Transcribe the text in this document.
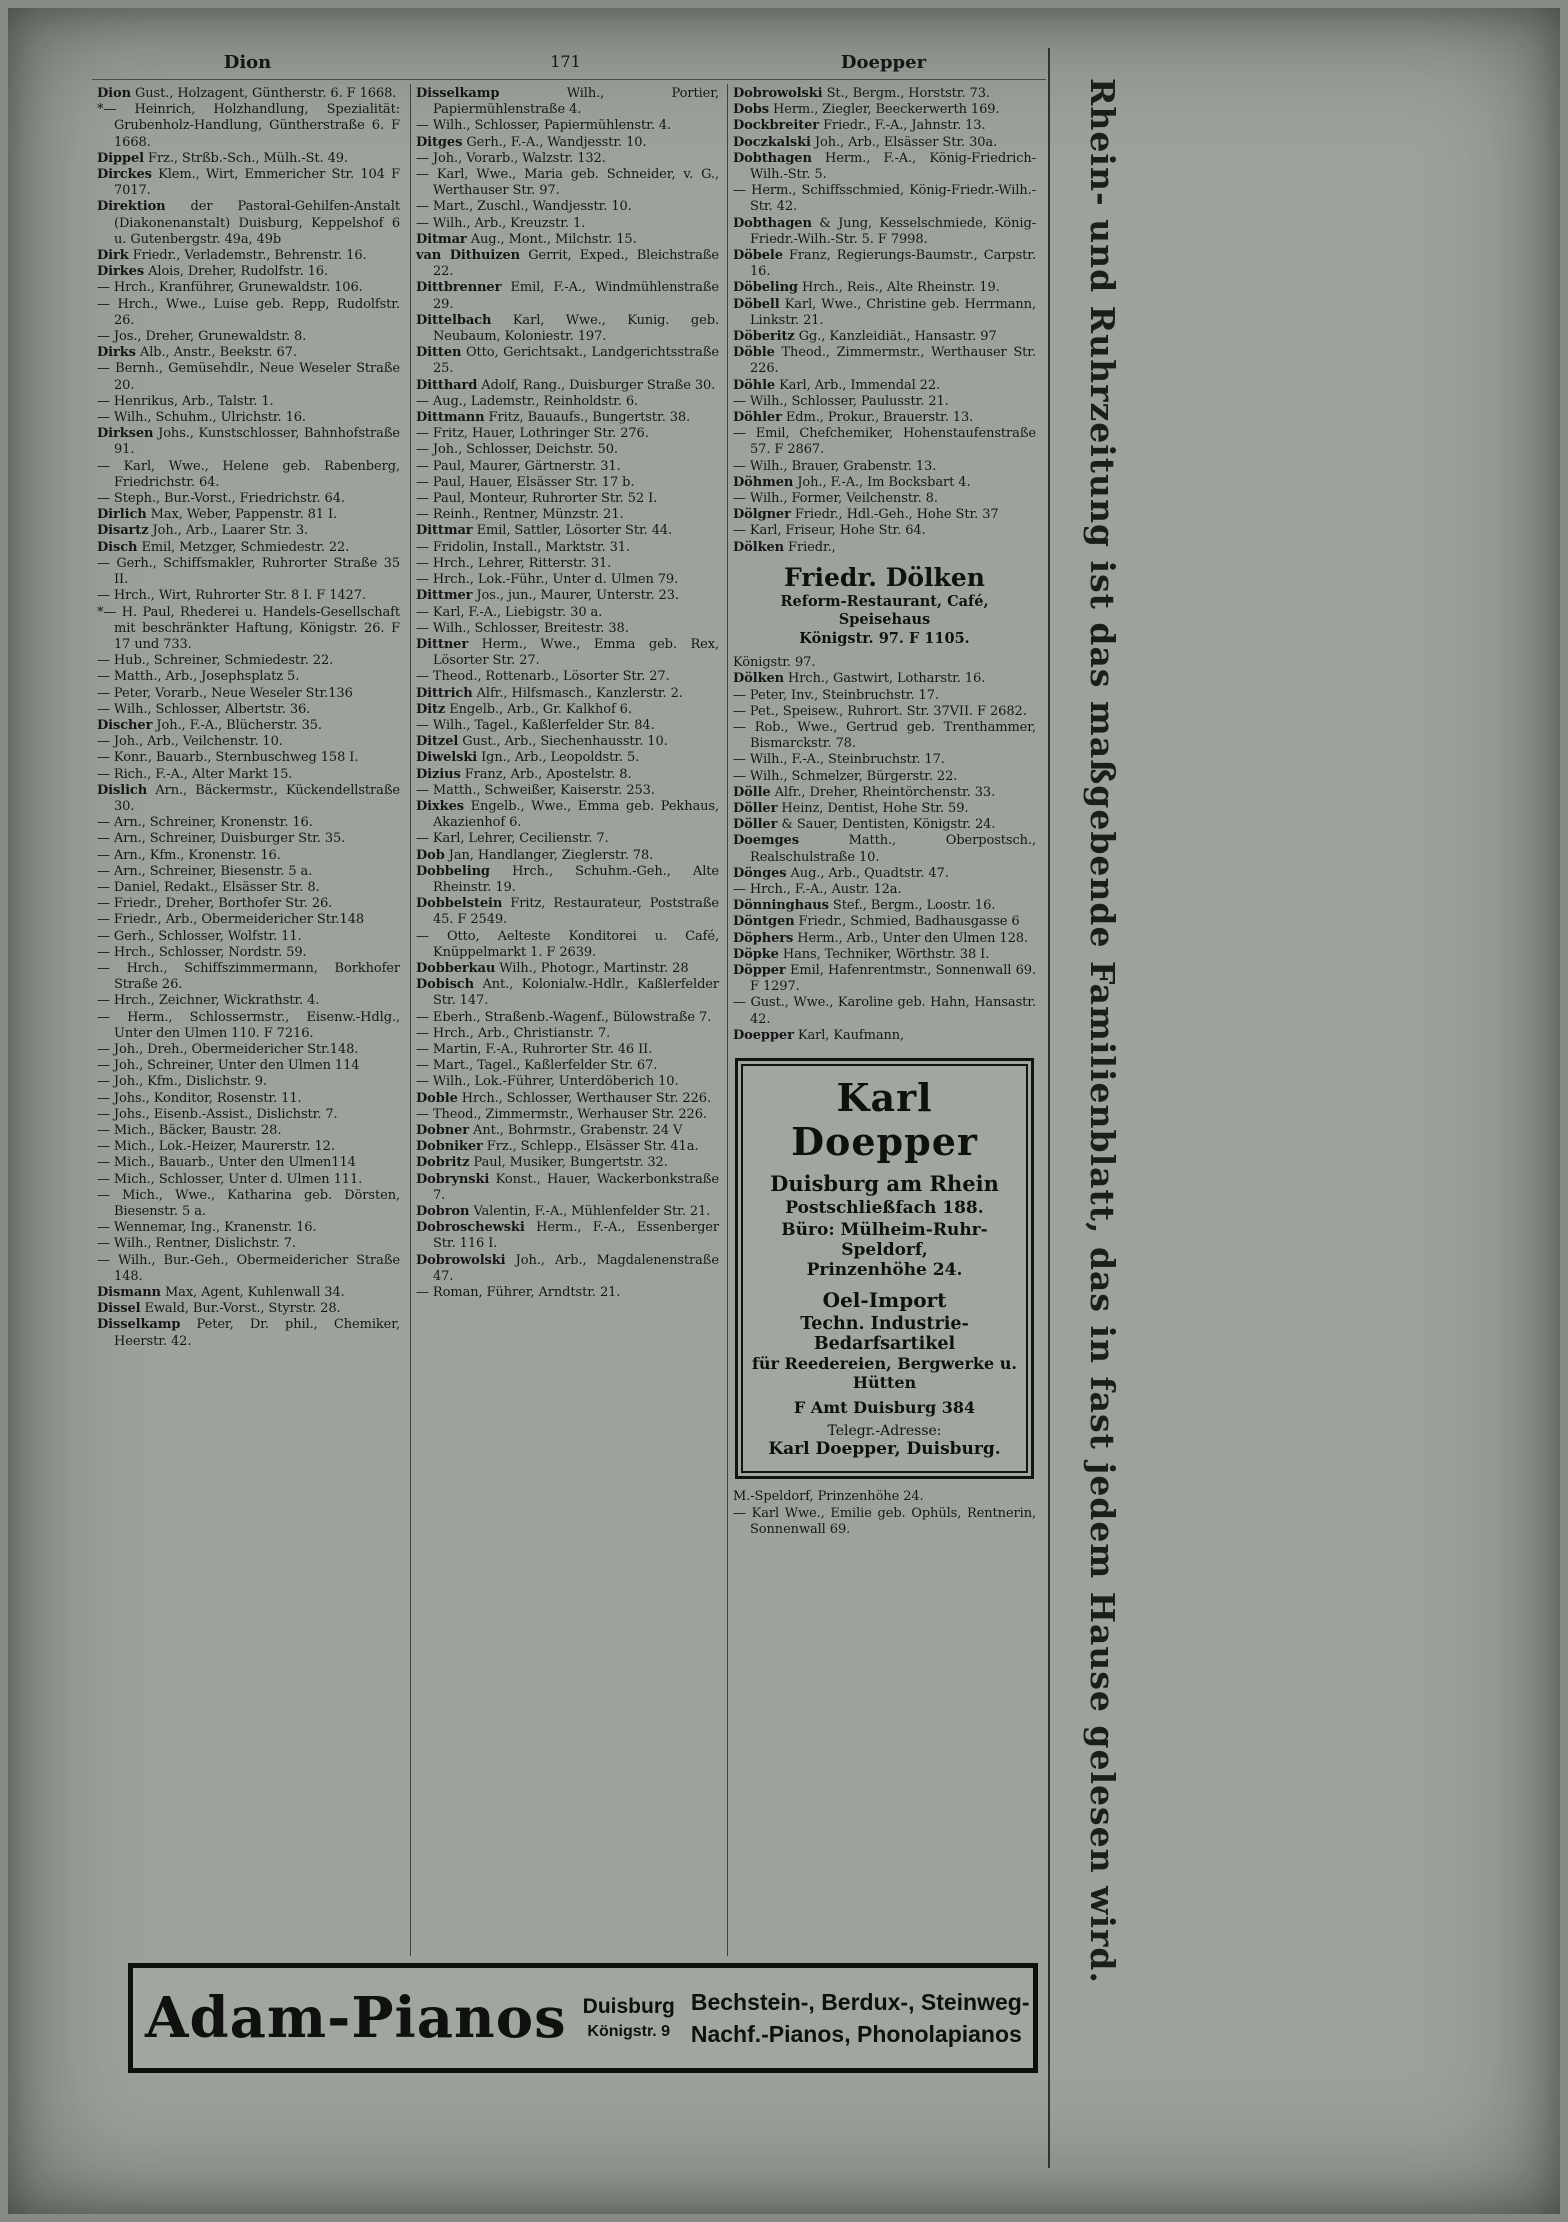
Dion	171	Doepper
Dion Gust., Holzagent, Güntherstr. 6. F 1668.
*— Heinrich, Holzhandlung, Spezialität: Grubenholz-Handlung, Güntherstraße 6. F 1668.
Dippel Frz., Strßb.-Sch., Mülh.-St. 49.
Dirckes Klem., Wirt, Emmericher Str. 104 F 7017.
Direktion der Pastoral-Gehilfen-Anstalt (Diakonenanstalt) Duisburg, Keppelshof 6 u. Gutenbergstr. 49a, 49b
Dirk Friedr., Verlademstr., Behrenstr. 16.
Dirkes Alois, Dreher, Rudolfstr. 16.
— Hrch., Kranführer, Grunewaldstr. 106.
— Hrch., Wwe., Luise geb. Repp, Rudolfstr. 26.
— Jos., Dreher, Grunewaldstr. 8.
Dirks Alb., Anstr., Beekstr. 67.
— Bernh., Gemüsehdlr., Neue Weseler Straße 20.
— Henrikus, Arb., Talstr. 1.
— Wilh., Schuhm., Ulrichstr. 16.
Dirksen Johs., Kunstschlosser, Bahnhofstraße 91.
— Karl, Wwe., Helene geb. Rabenberg, Friedrichstr. 64.
— Steph., Bur.-Vorst., Friedrichstr. 64.
Dirlich Max, Weber, Pappenstr. 81 I.
Disartz Joh., Arb., Laarer Str. 3.
Disch Emil, Metzger, Schmiedestr. 22.
— Gerh., Schiffsmakler, Ruhrorter Straße 35 II.
— Hrch., Wirt, Ruhrorter Str. 8 I. F 1427.
*— H. Paul, Rhederei u. Handels-Gesellschaft mit beschränkter Haftung, Königstr. 26. F 17 und 733.
— Hub., Schreiner, Schmiedestr. 22.
— Matth., Arb., Josephsplatz 5.
— Peter, Vorarb., Neue Weseler Str.136
— Wilh., Schlosser, Albertstr. 36.
Discher Joh., F.-A., Blücherstr. 35.
— Joh., Arb., Veilchenstr. 10.
— Konr., Bauarb., Sternbuschweg 158 I.
— Rich., F.-A., Alter Markt 15.
Dislich Arn., Bäckermstr., Kückendellstraße 30.
— Arn., Schreiner, Kronenstr. 16.
— Arn., Schreiner, Duisburger Str. 35.
— Arn., Kfm., Kronenstr. 16.
— Arn., Schreiner, Biesenstr. 5 a.
— Daniel, Redakt., Elsässer Str. 8.
— Friedr., Dreher, Borthofer Str. 26.
— Friedr., Arb., Obermeidericher Str.148
— Gerh., Schlosser, Wolfstr. 11.
— Hrch., Schlosser, Nordstr. 59.
— Hrch., Schiffszimmermann, Borkhofer Straße 26.
— Hrch., Zeichner, Wickrathstr. 4.
— Herm., Schlossermstr., Eisenw.-Hdlg., Unter den Ulmen 110. F 7216.
— Joh., Dreh., Obermeidericher Str.148.
— Joh., Schreiner, Unter den Ulmen 114
— Joh., Kfm., Dislichstr. 9.
— Johs., Konditor, Rosenstr. 11.
— Johs., Eisenb.-Assist., Dislichstr. 7.
— Mich., Bäcker, Baustr. 28.
— Mich., Lok.-Heizer, Maurerstr. 12.
— Mich., Bauarb., Unter den Ulmen114
— Mich., Schlosser, Unter d. Ulmen 111.
— Mich., Wwe., Katharina geb. Dörsten, Biesenstr. 5 a.
— Wennemar, Ing., Kranenstr. 16.
— Wilh., Rentner, Dislichstr. 7.
— Wilh., Bur.-Geh., Obermeidericher Straße 148.
Dismann Max, Agent, Kuhlenwall 34.
Dissel Ewald, Bur.-Vorst., Styrstr. 28.
Disselkamp Peter, Dr. phil., Chemiker, Heerstr. 42.
Disselkamp Wilh., Portier, Papiermühlenstraße 4.
— Wilh., Schlosser, Papiermühlenstr. 4.
Ditges Gerh., F.-A., Wandjesstr. 10.
— Joh., Vorarb., Walzstr. 132.
— Karl, Wwe., Maria geb. Schneider, v. G., Werthauser Str. 97.
— Mart., Zuschl., Wandjesstr. 10.
— Wilh., Arb., Kreuzstr. 1.
Ditmar Aug., Mont., Milchstr. 15.
van Dithuizen Gerrit, Exped., Bleichstraße 22.
Dittbrenner Emil, F.-A., Windmühlenstraße 29.
Dittelbach Karl, Wwe., Kunig. geb. Neubaum, Koloniestr. 197.
Ditten Otto, Gerichtsakt., Landgerichtsstraße 25.
Ditthard Adolf, Rang., Duisburger Straße 30.
— Aug., Lademstr., Reinholdstr. 6.
Dittmann Fritz, Bauaufs., Bungertstr. 38.
— Fritz, Hauer, Lothringer Str. 276.
— Joh., Schlosser, Deichstr. 50.
— Paul, Maurer, Gärtnerstr. 31.
— Paul, Hauer, Elsässer Str. 17 b.
— Paul, Monteur, Ruhrorter Str. 52 I.
— Reinh., Rentner, Münzstr. 21.
Dittmar Emil, Sattler, Lösorter Str. 44.
— Fridolin, Install., Marktstr. 31.
— Hrch., Lehrer, Ritterstr. 31.
— Hrch., Lok.-Führ., Unter d. Ulmen 79.
Dittmer Jos., jun., Maurer, Unterstr. 23.
— Karl, F.-A., Liebigstr. 30 a.
— Wilh., Schlosser, Breitestr. 38.
Dittner Herm., Wwe., Emma geb. Rex, Lösorter Str. 27.
— Theod., Rottenarb., Lösorter Str. 27.
Dittrich Alfr., Hilfsmasch., Kanzlerstr. 2.
Ditz Engelb., Arb., Gr. Kalkhof 6.
— Wilh., Tagel., Kaßlerfelder Str. 84.
Ditzel Gust., Arb., Siechenhausstr. 10.
Diwelski Ign., Arb., Leopoldstr. 5.
Dizius Franz, Arb., Apostelstr. 8.
— Matth., Schweißer, Kaiserstr. 253.
Dixkes Engelb., Wwe., Emma geb. Pekhaus, Akazienhof 6.
— Karl, Lehrer, Cecilienstr. 7.
Dob Jan, Handlanger, Zieglerstr. 78.
Dobbeling Hrch., Schuhm.-Geh., Alte Rheinstr. 19.
Dobbelstein Fritz, Restaurateur, Poststraße 45. F 2549.
— Otto, Aelteste Konditorei u. Café, Knüppelmarkt 1. F 2639.
Dobberkau Wilh., Photogr., Martinstr. 28
Dobisch Ant., Kolonialw.-Hdlr., Kaßlerfelder Str. 147.
— Eberh., Straßenb.-Wagenf., Bülowstraße 7.
— Hrch., Arb., Christianstr. 7.
— Martin, F.-A., Ruhrorter Str. 46 II.
— Mart., Tagel., Kaßlerfelder Str. 67.
— Wilh., Lok.-Führer, Unterdöberich 10.
Doble Hrch., Schlosser, Werthauser Str. 226.
— Theod., Zimmermstr., Werhauser Str. 226.
Dobner Ant., Bohrmstr., Grabenstr. 24 V
Dobniker Frz., Schlepp., Elsässer Str. 41a.
Dobritz Paul, Musiker, Bungertstr. 32.
Dobrynski Konst., Hauer, Wackerbonkstraße 7.
Dobron Valentin, F.-A., Mühlenfelder Str. 21.
Dobroschewski Herm., F.-A., Essenberger Str. 116 I.
Dobrowolski Joh., Arb., Magdalenenstraße 47.
— Roman, Führer, Arndtstr. 21.
Dobrowolski St., Bergm., Horststr. 73.
Dobs Herm., Ziegler, Beeckerwerth 169.
Dockbreiter Friedr., F.-A., Jahnstr. 13.
Doczkalski Joh., Arb., Elsässer Str. 30a.
Dobthagen Herm., F.-A., König-Friedrich-Wilh.-Str. 5.
— Herm., Schiffsschmied, König-Friedr.-Wilh.-Str. 42.
Dobthagen & Jung, Kesselschmiede, König-Friedr.-Wilh.-Str. 5. F 7998.
Döbele Franz, Regierungs-Baumstr., Carpstr. 16.
Döbeling Hrch., Reis., Alte Rheinstr. 19.
Döbell Karl, Wwe., Christine geb. Herrmann, Linkstr. 21.
Döberitz Gg., Kanzleidiät., Hansastr. 97
Döble Theod., Zimmermstr., Werthauser Str. 226.
Döhle Karl, Arb., Immendal 22.
— Wilh., Schlosser, Paulusstr. 21.
Döhler Edm., Prokur., Brauerstr. 13.
— Emil, Chefchemiker, Hohenstaufenstraße 57. F 2867.
— Wilh., Brauer, Grabenstr. 13.
Döhmen Joh., F.-A., Im Bocksbart 4.
— Wilh., Former, Veilchenstr. 8.
Dölgner Friedr., Hdl.-Geh., Hohe Str. 37
— Karl, Friseur, Hohe Str. 64.
Dölken Friedr.,
Friedr. Dölken
Reform-Restaurant, Café, Speisehaus
Königstr. 97. F 1105.
Königstr. 97.
Dölken Hrch., Gastwirt, Lotharstr. 16.
— Peter, Inv., Steinbruchstr. 17.
— Pet., Speisew., Ruhrort. Str. 37VII. F 2682.
— Rob., Wwe., Gertrud geb. Trenthammer, Bismarckstr. 78.
— Wilh., F.-A., Steinbruchstr. 17.
— Wilh., Schmelzer, Bürgerstr. 22.
Dölle Alfr., Dreher, Rheintörchenstr. 33.
Döller Heinz, Dentist, Hohe Str. 59.
Döller & Sauer, Dentisten, Königstr. 24.
Doemges Matth., Oberpostsch., Realschulstraße 10.
Dönges Aug., Arb., Quadtstr. 47.
— Hrch., F.-A., Austr. 12a.
Dönninghaus Stef., Bergm., Loostr. 16.
Döntgen Friedr., Schmied, Badhausgasse 6
Döphers Herm., Arb., Unter den Ulmen 128.
Döpke Hans, Techniker, Wörthstr. 38 I.
Döpper Emil, Hafenrentmstr., Sonnenwall 69. F 1297.
— Gust., Wwe., Karoline geb. Hahn, Hansastr. 42.
Doepper Karl, Kaufmann,
Karl Doepper
Duisburg am Rhein
Postschließfach 188.
Büro: Mülheim-Ruhr-Speldorf,
Prinzenhöhe 24.
Oel-Import
Techn. Industrie-Bedarfsartikel
für Reedereien, Bergwerke u. Hütten
F Amt Duisburg 384
Telegr.-Adresse:
Karl Doepper, Duisburg.
M.-Speldorf, Prinzenhöhe 24.
— Karl Wwe., Emilie geb. Ophüls, Rentnerin, Sonnenwall 69.
Adam-Pianos Duisburg
Königstr. 9
Bechstein-, Berdux-, Steinweg-
Nachf.-Pianos, Phonolapianos
Rhein- und Ruhrzeitung ist das maßgebende Familienblatt, das in fast jedem Hause gelesen wird.
